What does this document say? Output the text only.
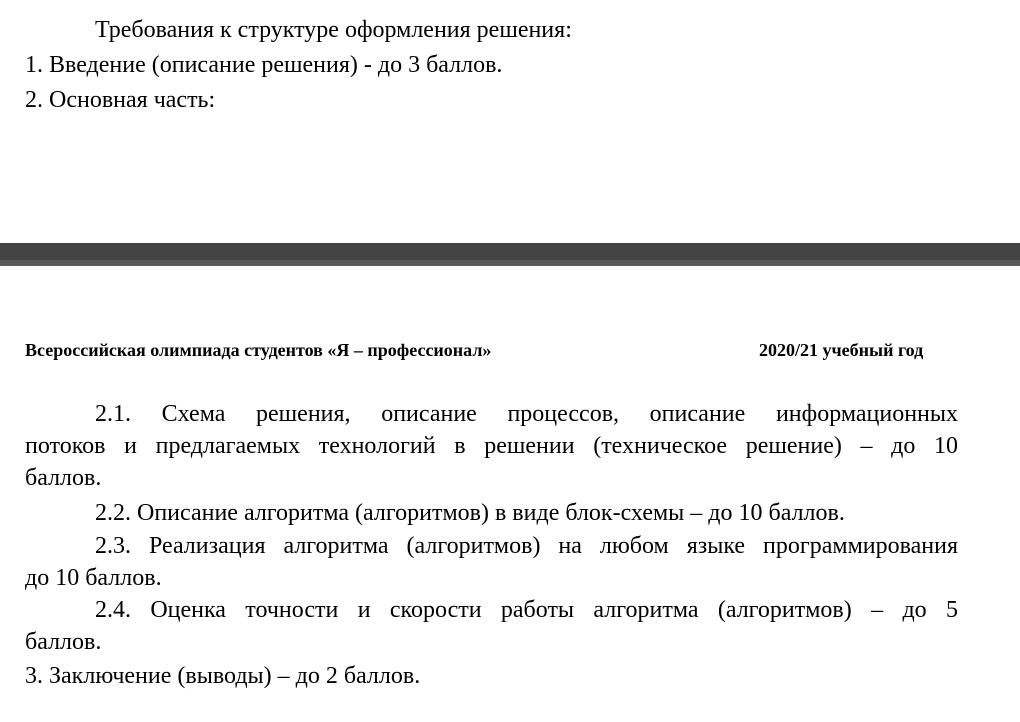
Требования к структуре оформления решения:
1. Введение (описание решения) - до 3 баллов.
2. Основная часть:
Всероссийская олимпиада студентов «Я – профессионал»	2020/21 учебный год
2.1. Схема решения, описание процессов, описание информационных
потоков и предлагаемых технологий в решении (техническое решение) – до 10
баллов.
2.2. Описание алгоритма (алгоритмов) в виде блок-схемы – до 10 баллов.
2.3. Реализация алгоритма (алгоритмов) на любом языке программирования
до 10 баллов.
2.4. Оценка точности и скорости работы алгоритма (алгоритмов) – до 5
баллов.
3. Заключение (выводы) – до 2 баллов.
